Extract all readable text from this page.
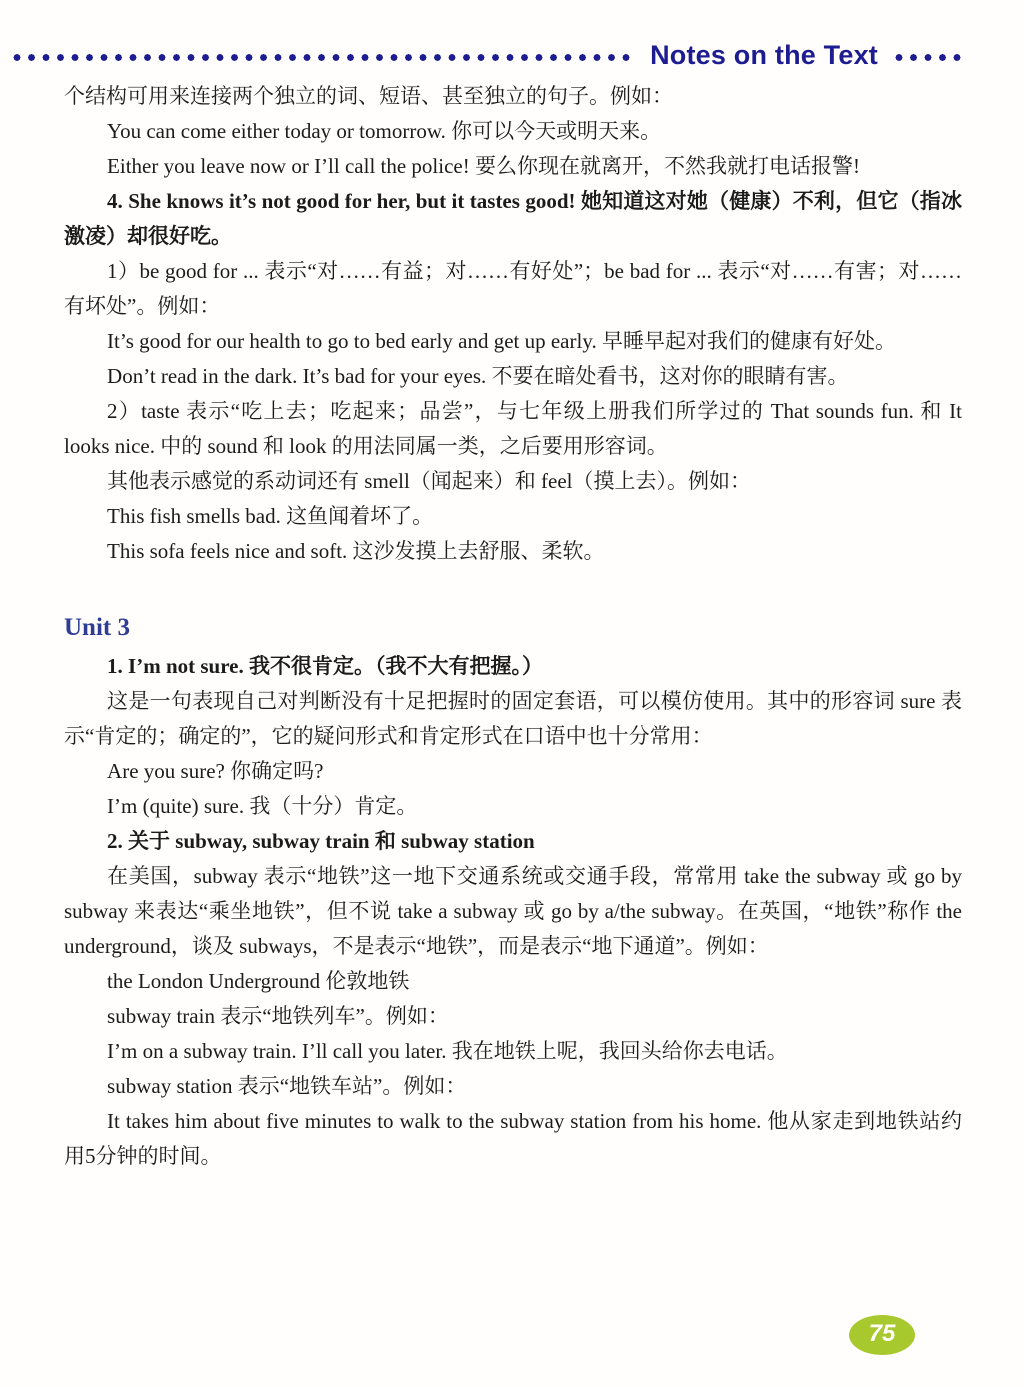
Notes on the Text

个结构可用来连接两个独立的词、短语、甚至独立的句子。例如：

You can come either today or tomorrow. 你可以今天或明天来。

Either you leave now or I’ll call the police! 要么你现在就离开，不然我就打电话报警!

4. She knows it’s not good for her, but it tastes good! 她知道这对她（健康）不利，但它（指冰激凌）却很好吃。

1）be good for ... 表示“对……有益；对……有好处”；be bad for ... 表示“对……有害；对……有坏处”。例如：

It’s good for our health to go to bed early and get up early. 早睡早起对我们的健康有好处。

Don’t read in the dark. It’s bad for your eyes. 不要在暗处看书，这对你的眼睛有害。

2）taste 表示“吃上去；吃起来；品尝”，与七年级上册我们所学过的 That sounds fun. 和 It looks nice. 中的 sound 和 look 的用法同属一类，之后要用形容词。

其他表示感觉的系动词还有 smell（闻起来）和 feel（摸上去）。例如：

This fish smells bad. 这鱼闻着坏了。

This sofa feels nice and soft. 这沙发摸上去舒服、柔软。

Unit 3

1. I’m not sure. 我不很肯定。（我不大有把握。）

这是一句表现自己对判断没有十足把握时的固定套语，可以模仿使用。其中的形容词 sure 表示“肯定的；确定的”，它的疑问形式和肯定形式在口语中也十分常用：

Are you sure? 你确定吗?

I’m (quite) sure. 我（十分）肯定。

2. 关于 subway, subway train 和 subway station

在美国，subway 表示“地铁”这一地下交通系统或交通手段，常常用 take the subway 或 go by subway 来表达“乘坐地铁”，但不说 take a subway 或 go by a/the subway。在英国，“地铁”称作 the underground，谈及 subways，不是表示“地铁”，而是表示“地下通道”。例如：

the London Underground 伦敦地铁

subway train 表示“地铁列车”。例如：

I’m on a subway train. I’ll call you later. 我在地铁上呢，我回头给你去电话。

subway station 表示“地铁车站”。例如：

It takes him about five minutes to walk to the subway station from his home. 他从家走到地铁站约用5分钟的时间。

75
